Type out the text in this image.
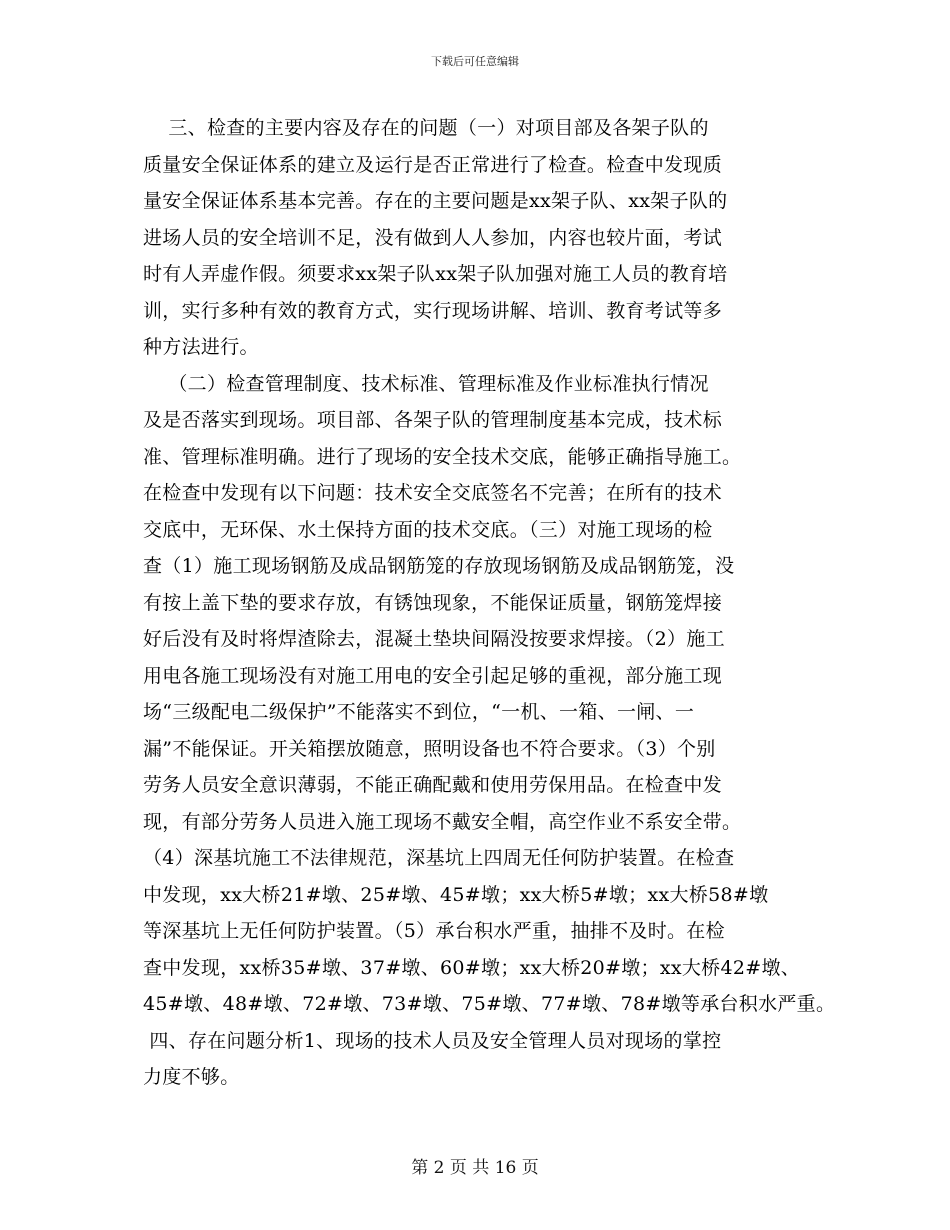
下载后可任意编辑
三、检查的主要内容及存在的问题（一）对项目部及各架子队的
质量安全保证体系的建立及运行是否正常进行了检查。检查中发现质
量安全保证体系基本完善。存在的主要问题是xx架子队、xx架子队的
进场人员的安全培训不足，没有做到人人参加，内容也较片面，考试
时有人弄虚作假。须要求xx架子队xx架子队加强对施工人员的教育培
训，实行多种有效的教育方式，实行现场讲解、培训、教育考试等多
种方法进行。
（二）检查管理制度、技术标准、管理标准及作业标准执行情况
及是否落实到现场。项目部、各架子队的管理制度基本完成，技术标
准、管理标准明确。进行了现场的安全技术交底，能够正确指导施工。
在检查中发现有以下问题：技术安全交底签名不完善；在所有的技术
交底中，无环保、水土保持方面的技术交底。（三）对施工现场的检
查（1）施工现场钢筋及成品钢筋笼的存放现场钢筋及成品钢筋笼，没
有按上盖下垫的要求存放，有锈蚀现象，不能保证质量，钢筋笼焊接
好后没有及时将焊渣除去，混凝土垫块间隔没按要求焊接。（2）施工
用电各施工现场没有对施工用电的安全引起足够的重视，部分施工现
场“三级配电二级保护”不能落实不到位，“一机、一箱、一闸、一
漏”不能保证。开关箱摆放随意，照明设备也不符合要求。（3）个别
劳务人员安全意识薄弱，不能正确配戴和使用劳保用品。在检查中发
现，有部分劳务人员进入施工现场不戴安全帽，高空作业不系安全带。
（4）深基坑施工不法律规范，深基坑上四周无任何防护装置。在检查
中发现，xx大桥21#墩、25#墩、45#墩；xx大桥5#墩；xx大桥58#墩
等深基坑上无任何防护装置。（5）承台积水严重，抽排不及时。在检
查中发现，xx桥35#墩、37#墩、60#墩；xx大桥20#墩；xx大桥42#墩、
45#墩、48#墩、72#墩、73#墩、75#墩、77#墩、78#墩等承台积水严重。
四、存在问题分析1、现场的技术人员及安全管理人员对现场的掌控
力度不够。
第 2 页 共 16 页
